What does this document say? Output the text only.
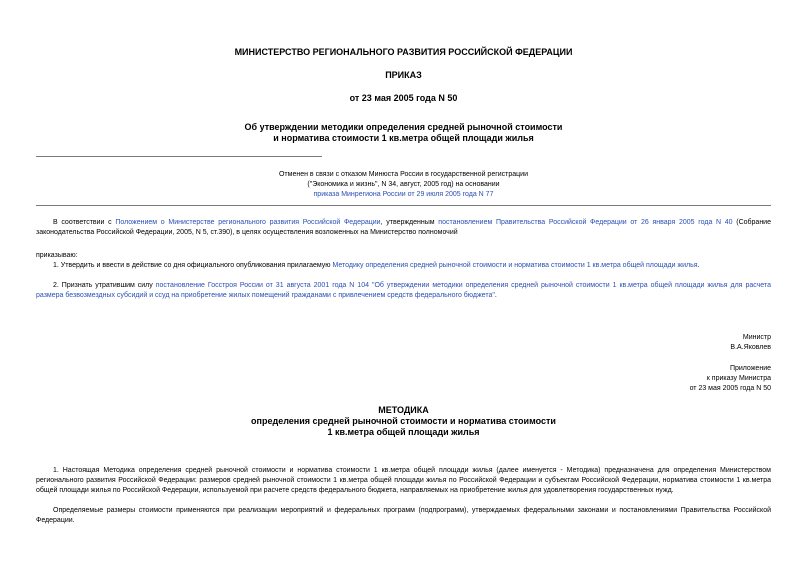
МИНИСТЕРСТВО РЕГИОНАЛЬНОГО РАЗВИТИЯ РОССИЙСКОЙ ФЕДЕРАЦИИ
ПРИКАЗ
от 23 мая 2005 года N 50
Об утверждении методики определения средней рыночной стоимости
и норматива стоимости 1 кв.метра общей площади жилья
Отменен в связи с отказом Минюста России в государственной регистрации
("Экономика и жизнь", N 34, август, 2005 год) на основании
приказа Минрегиона России от 29 июля 2005 года N 77
В соответствии с Положением о Министерстве регионального развития Российской Федерации, утвержденным постановлением Правительства Российской Федерации от 26 января 2005 года N 40 (Собрание законодательства Российской Федерации, 2005, N 5, ст.390), в целях осуществления возложенных на Министерство полномочий
приказываю:
1. Утвердить и ввести в действие со дня официального опубликования прилагаемую Методику определения средней рыночной стоимости и норматива стоимости 1 кв.метра общей площади жилья.
2. Признать утратившим силу постановление Госстроя России от 31 августа 2001 года N 104 "Об утверждении методики определения средней рыночной стоимости 1 кв.метра общей площади жилья для расчета размера безвозмездных субсидий и ссуд на приобретение жилых помещений гражданами с привлечением средств федерального бюджета".
Министр
В.А.Яковлев
Приложение
к приказу Министра
от 23 мая 2005 года N 50
МЕТОДИКА
определения средней рыночной стоимости и норматива стоимости
1 кв.метра общей площади жилья
1. Настоящая Методика определения средней рыночной стоимости и норматива стоимости 1 кв.метра общей площади жилья (далее именуется - Методика) предназначена для определения Министерством регионального развития Российской Федерации: размеров средней рыночной стоимости 1 кв.метра общей площади жилья по Российской Федерации и субъектам Российской Федерации, норматива стоимости 1 кв.метра общей площади жилья по Российской Федерации, используемой при расчете средств федерального бюджета, направляемых на приобретение жилья для удовлетворения государственных нужд.
Определяемые размеры стоимости применяются при реализации мероприятий и федеральных программ (подпрограмм), утверждаемых федеральными законами и постановлениями Правительства Российской Федерации.
